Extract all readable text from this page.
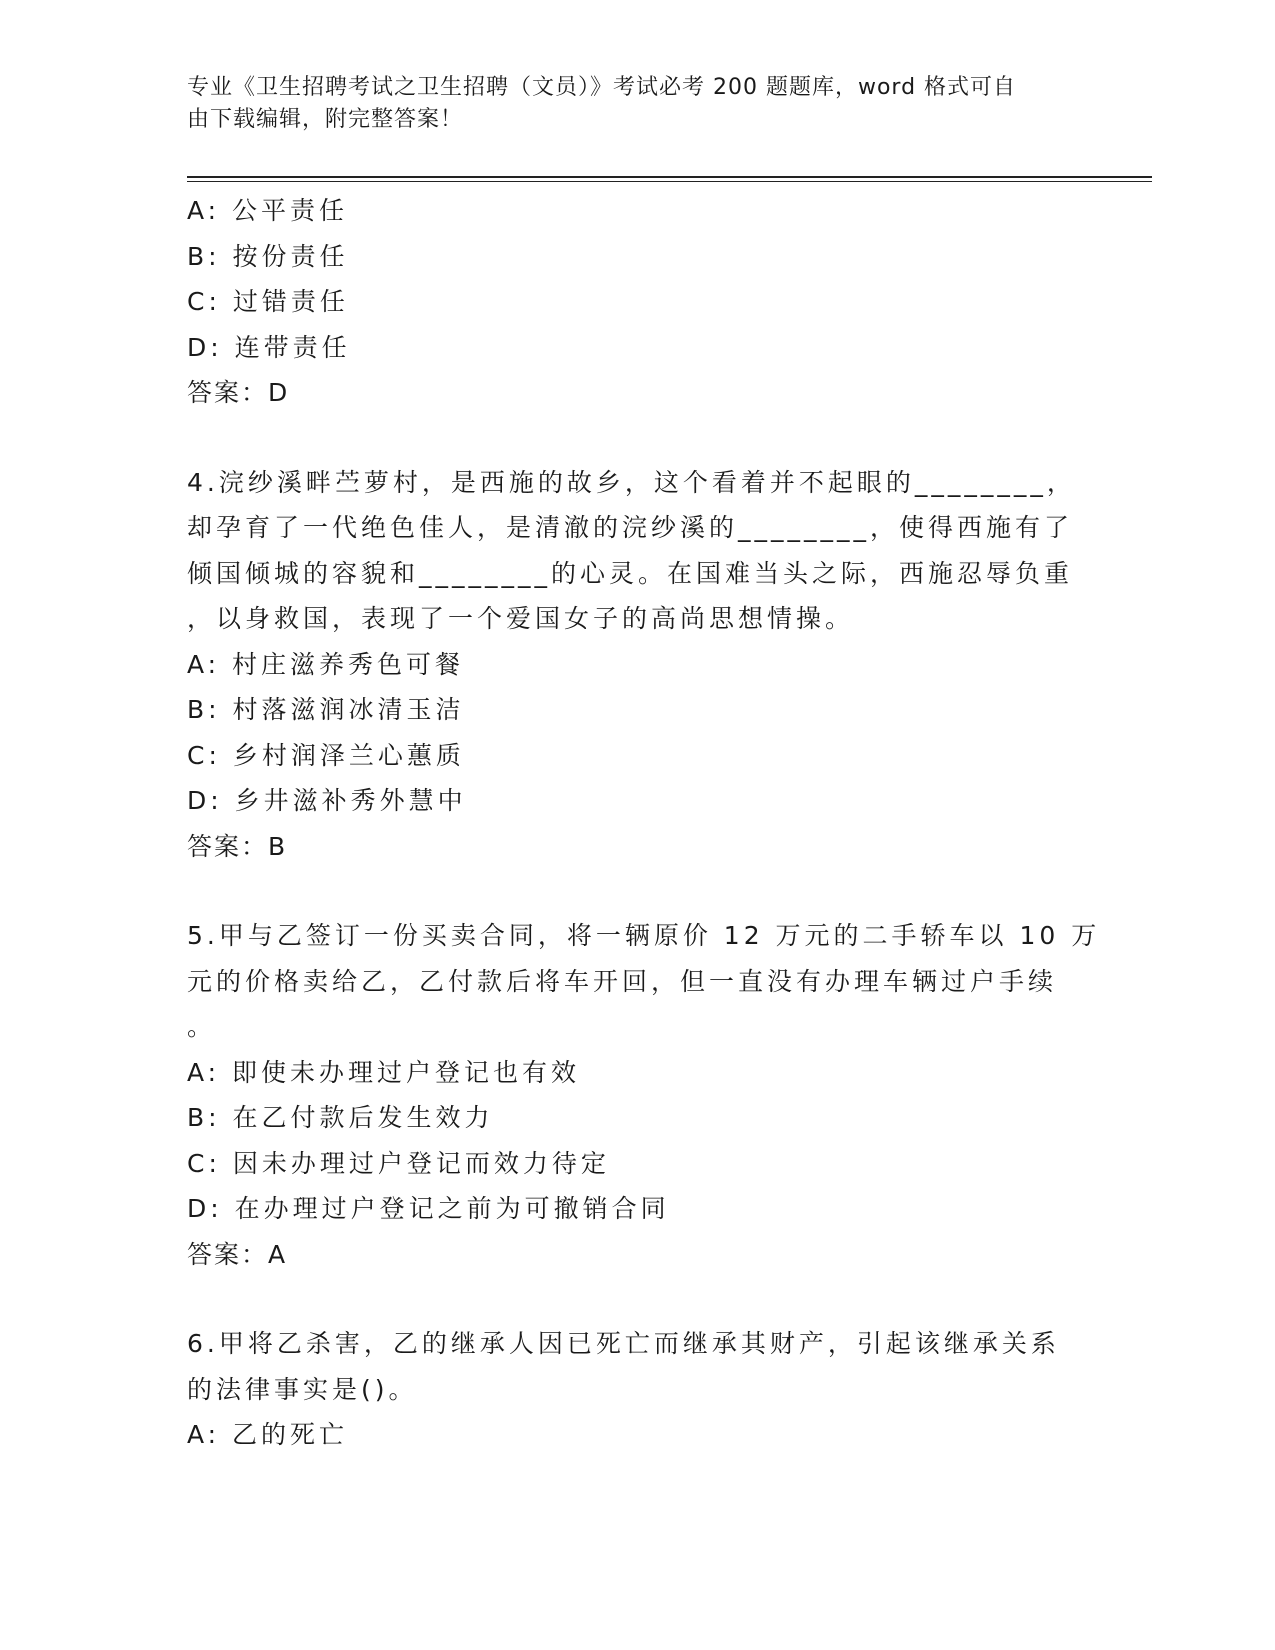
专业《卫生招聘考试之卫生招聘（文员）》考试必考 200 题题库，word 格式可自
由下载编辑，附完整答案！
A: 公平责任
B: 按份责任
C: 过错责任
D: 连带责任
答案：D
4.浣纱溪畔苎萝村，是西施的故乡，这个看着并不起眼的________，
却孕育了一代绝色佳人，是清澈的浣纱溪的________，使得西施有了
倾国倾城的容貌和________的心灵。在国难当头之际，西施忍辱负重
，以身救国，表现了一个爱国女子的高尚思想情操。
A: 村庄滋养秀色可餐
B: 村落滋润冰清玉洁
C: 乡村润泽兰心蕙质
D: 乡井滋补秀外慧中
答案：B
5.甲与乙签订一份买卖合同，将一辆原价 12 万元的二手轿车以 10 万
元的价格卖给乙，乙付款后将车开回，但一直没有办理车辆过户手续
。
A: 即使未办理过户登记也有效
B: 在乙付款后发生效力
C: 因未办理过户登记而效力待定
D: 在办理过户登记之前为可撤销合同
答案：A
6.甲将乙杀害，乙的继承人因已死亡而继承其财产，引起该继承关系
的法律事实是()。
A: 乙的死亡
